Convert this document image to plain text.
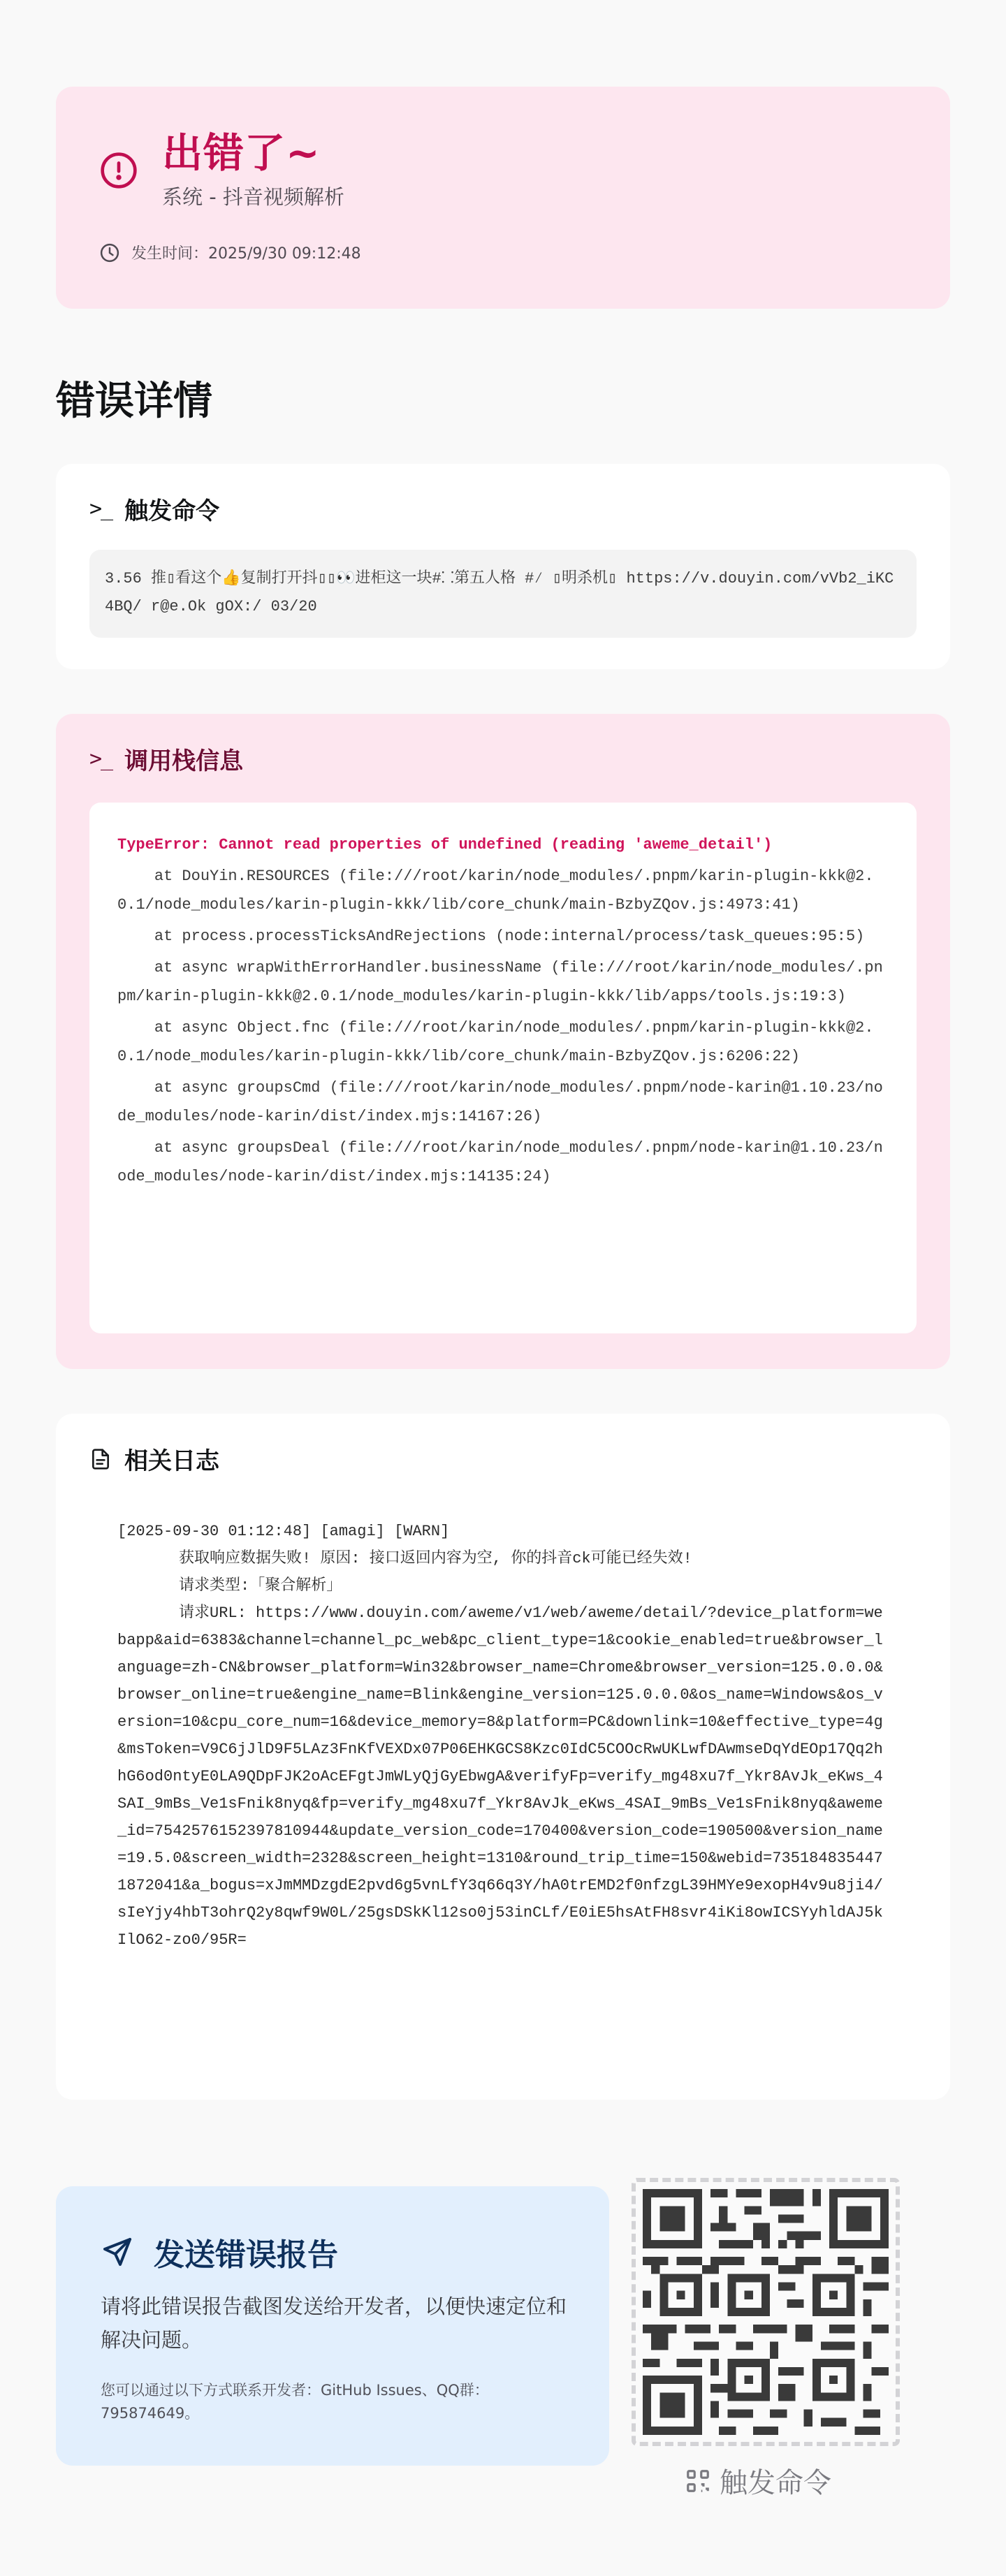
出错了~
系统 - 抖音视频解析
发生时间：2025/9/30 09:12:48
错误详情
>_ 触发命令
3.56 推▯看这个👍复制打开抖▯▯👀进柜这一块#⸬第五人格 #⁄ ▯明杀机▯ https://v.douyin.com/vVb2_iKC4BQ/ r@e.Ok gOX:/ 03/20
>_ 调用栈信息
TypeError: Cannot read properties of undefined (reading 'aweme_detail')
at DouYin.RESOURCES (file:///root/karin/node_modules/.pnpm/karin-plugin-kkk@2.0.1/node_modules/karin-plugin-kkk/lib/core_chunk/main-BzbyZQov.js:4973:41)
at process.processTicksAndRejections (node:internal/process/task_queues:95:5)
at async wrapWithErrorHandler.businessName (file:///root/karin/node_modules/.pnpm/karin-plugin-kkk@2.0.1/node_modules/karin-plugin-kkk/lib/apps/tools.js:19:3)
at async Object.fnc (file:///root/karin/node_modules/.pnpm/karin-plugin-kkk@2.0.1/node_modules/karin-plugin-kkk/lib/core_chunk/main-BzbyZQov.js:6206:22)
at async groupsCmd (file:///root/karin/node_modules/.pnpm/node-karin@1.10.23/node_modules/node-karin/dist/index.mjs:14167:26)
at async groupsDeal (file:///root/karin/node_modules/.pnpm/node-karin@1.10.23/node_modules/node-karin/dist/index.mjs:14135:24)
相关日志
[2025-09-30 01:12:48] [amagi] [WARN]
获取响应数据失败! 原因: 接口返回内容为空, 你的抖音ck可能已经失效!
请求类型:「聚合解析」
请求URL: https://www.douyin.com/aweme/v1/web/aweme/detail/?device_platform=webapp&aid=6383&channel=channel_pc_web&pc_client_type=1&cookie_enabled=true&browser_language=zh-CN&browser_platform=Win32&browser_name=Chrome&browser_version=125.0.0.0&browser_online=true&engine_name=Blink&engine_version=125.0.0.0&os_name=Windows&os_version=10&cpu_core_num=16&device_memory=8&platform=PC&downlink=10&effective_type=4g&msToken=V9C6jJlD9F5LAz3FnKfVEXDx07P06EHKGCS8Kzc0IdC5COOcRwUKLwfDAwmseDqYdEOp17Qq2hhG6od0ntyE0LA9QDpFJK2oAcEFgtJmWLyQjGyEbwgA&verifyFp=verify_mg48xu7f_Ykr8AvJk_eKws_4SAI_9mBs_Ve1sFnik8nyq&fp=verify_mg48xu7f_Ykr8AvJk_eKws_4SAI_9mBs_Ve1sFnik8nyq&aweme_id=7542576152397810944&update_version_code=170400&version_code=190500&version_name=19.5.0&screen_width=2328&screen_height=1310&round_trip_time=150&webid=7351848354471872041&a_bogus=xJmMMDzgdE2pvd6g5vnLfY3q66q3Y/hA0trEMD2f0nfzgL39HMYe9exopH4v9u8ji4/sIeYjy4hbT3ohrQ2y8qwf9W0L/25gsDSkKl12so0j53inCLf/E0iE5hsAtFH8svr4iKi8owICSYyhldAJ5kIlO62-zo0/95R=
发送错误报告
请将此错误报告截图发送给开发者，以便快速定位和解决问题。
您可以通过以下方式联系开发者：GitHub Issues、QQ群：795874649。
触发命令
